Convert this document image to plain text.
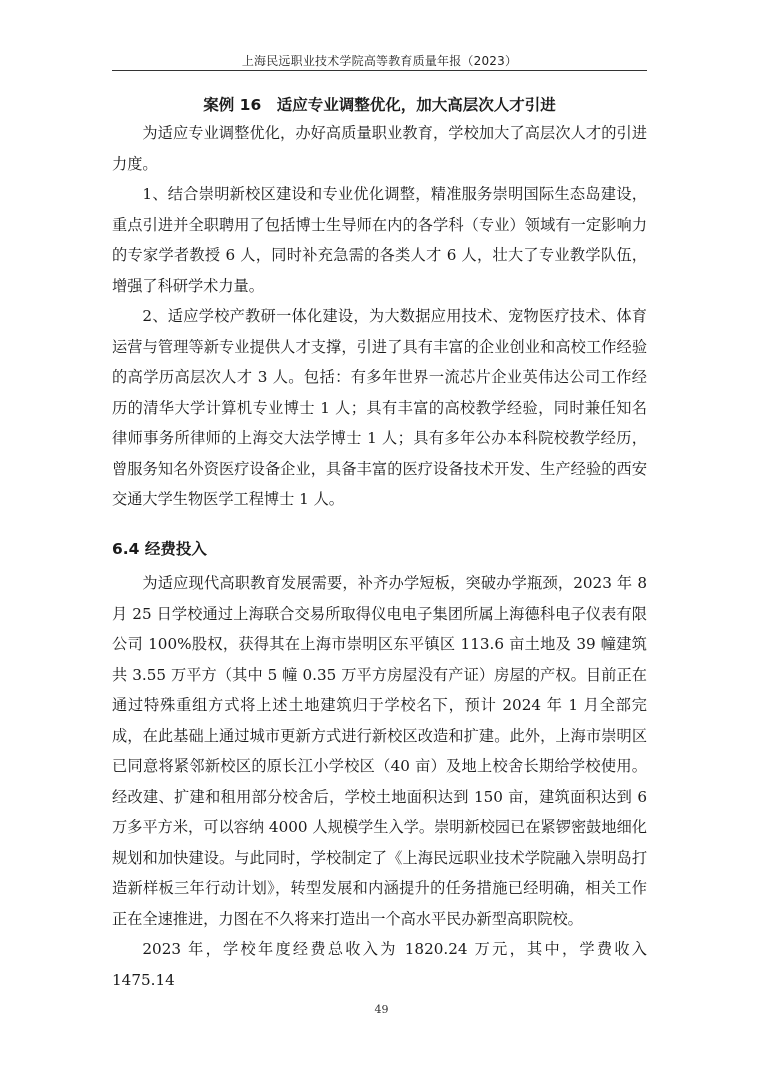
上海民远职业技术学院高等教育质量年报（2023）
案例 16　适应专业调整优化，加大高层次人才引进

为适应专业调整优化，办好高质量职业教育，学校加大了高层次人才的引进力度。

1、结合崇明新校区建设和专业优化调整，精准服务崇明国际生态岛建设，重点引进并全职聘用了包括博士生导师在内的各学科（专业）领域有一定影响力的专家学者教授 6 人，同时补充急需的各类人才 6 人，壮大了专业教学队伍，增强了科研学术力量。

2、适应学校产教研一体化建设，为大数据应用技术、宠物医疗技术、体育运营与管理等新专业提供人才支撑，引进了具有丰富的企业创业和高校工作经验的高学历高层次人才 3 人。包括：有多年世界一流芯片企业英伟达公司工作经历的清华大学计算机专业博士 1 人；具有丰富的高校教学经验，同时兼任知名律师事务所律师的上海交大法学博士 1 人；具有多年公办本科院校教学经历，曾服务知名外资医疗设备企业，具备丰富的医疗设备技术开发、生产经验的西安交通大学生物医学工程博士 1 人。

6.4 经费投入

为适应现代高职教育发展需要，补齐办学短板，突破办学瓶颈，2023 年 8 月 25 日学校通过上海联合交易所取得仪电电子集团所属上海德科电子仪表有限公司 100%股权，获得其在上海市崇明区东平镇区 113.6 亩土地及 39 幢建筑共 3.55 万平方（其中 5 幢 0.35 万平方房屋没有产证）房屋的产权。目前正在通过特殊重组方式将上述土地建筑归于学校名下，预计 2024 年 1 月全部完成，在此基础上通过城市更新方式进行新校区改造和扩建。此外，上海市崇明区已同意将紧邻新校区的原长江小学校区（40 亩）及地上校舍长期给学校使用。经改建、扩建和租用部分校舍后，学校土地面积达到 150 亩，建筑面积达到 6 万多平方米，可以容纳 4000 人规模学生入学。崇明新校园已在紧锣密鼓地细化规划和加快建设。与此同时，学校制定了《上海民远职业技术学院融入崇明岛打造新样板三年行动计划》，转型发展和内涵提升的任务措施已经明确，相关工作正在全速推进，力图在不久将来打造出一个高水平民办新型高职院校。

2023 年，学校年度经费总收入为 1820.24 万元，其中，学费收入 1475.14

49
